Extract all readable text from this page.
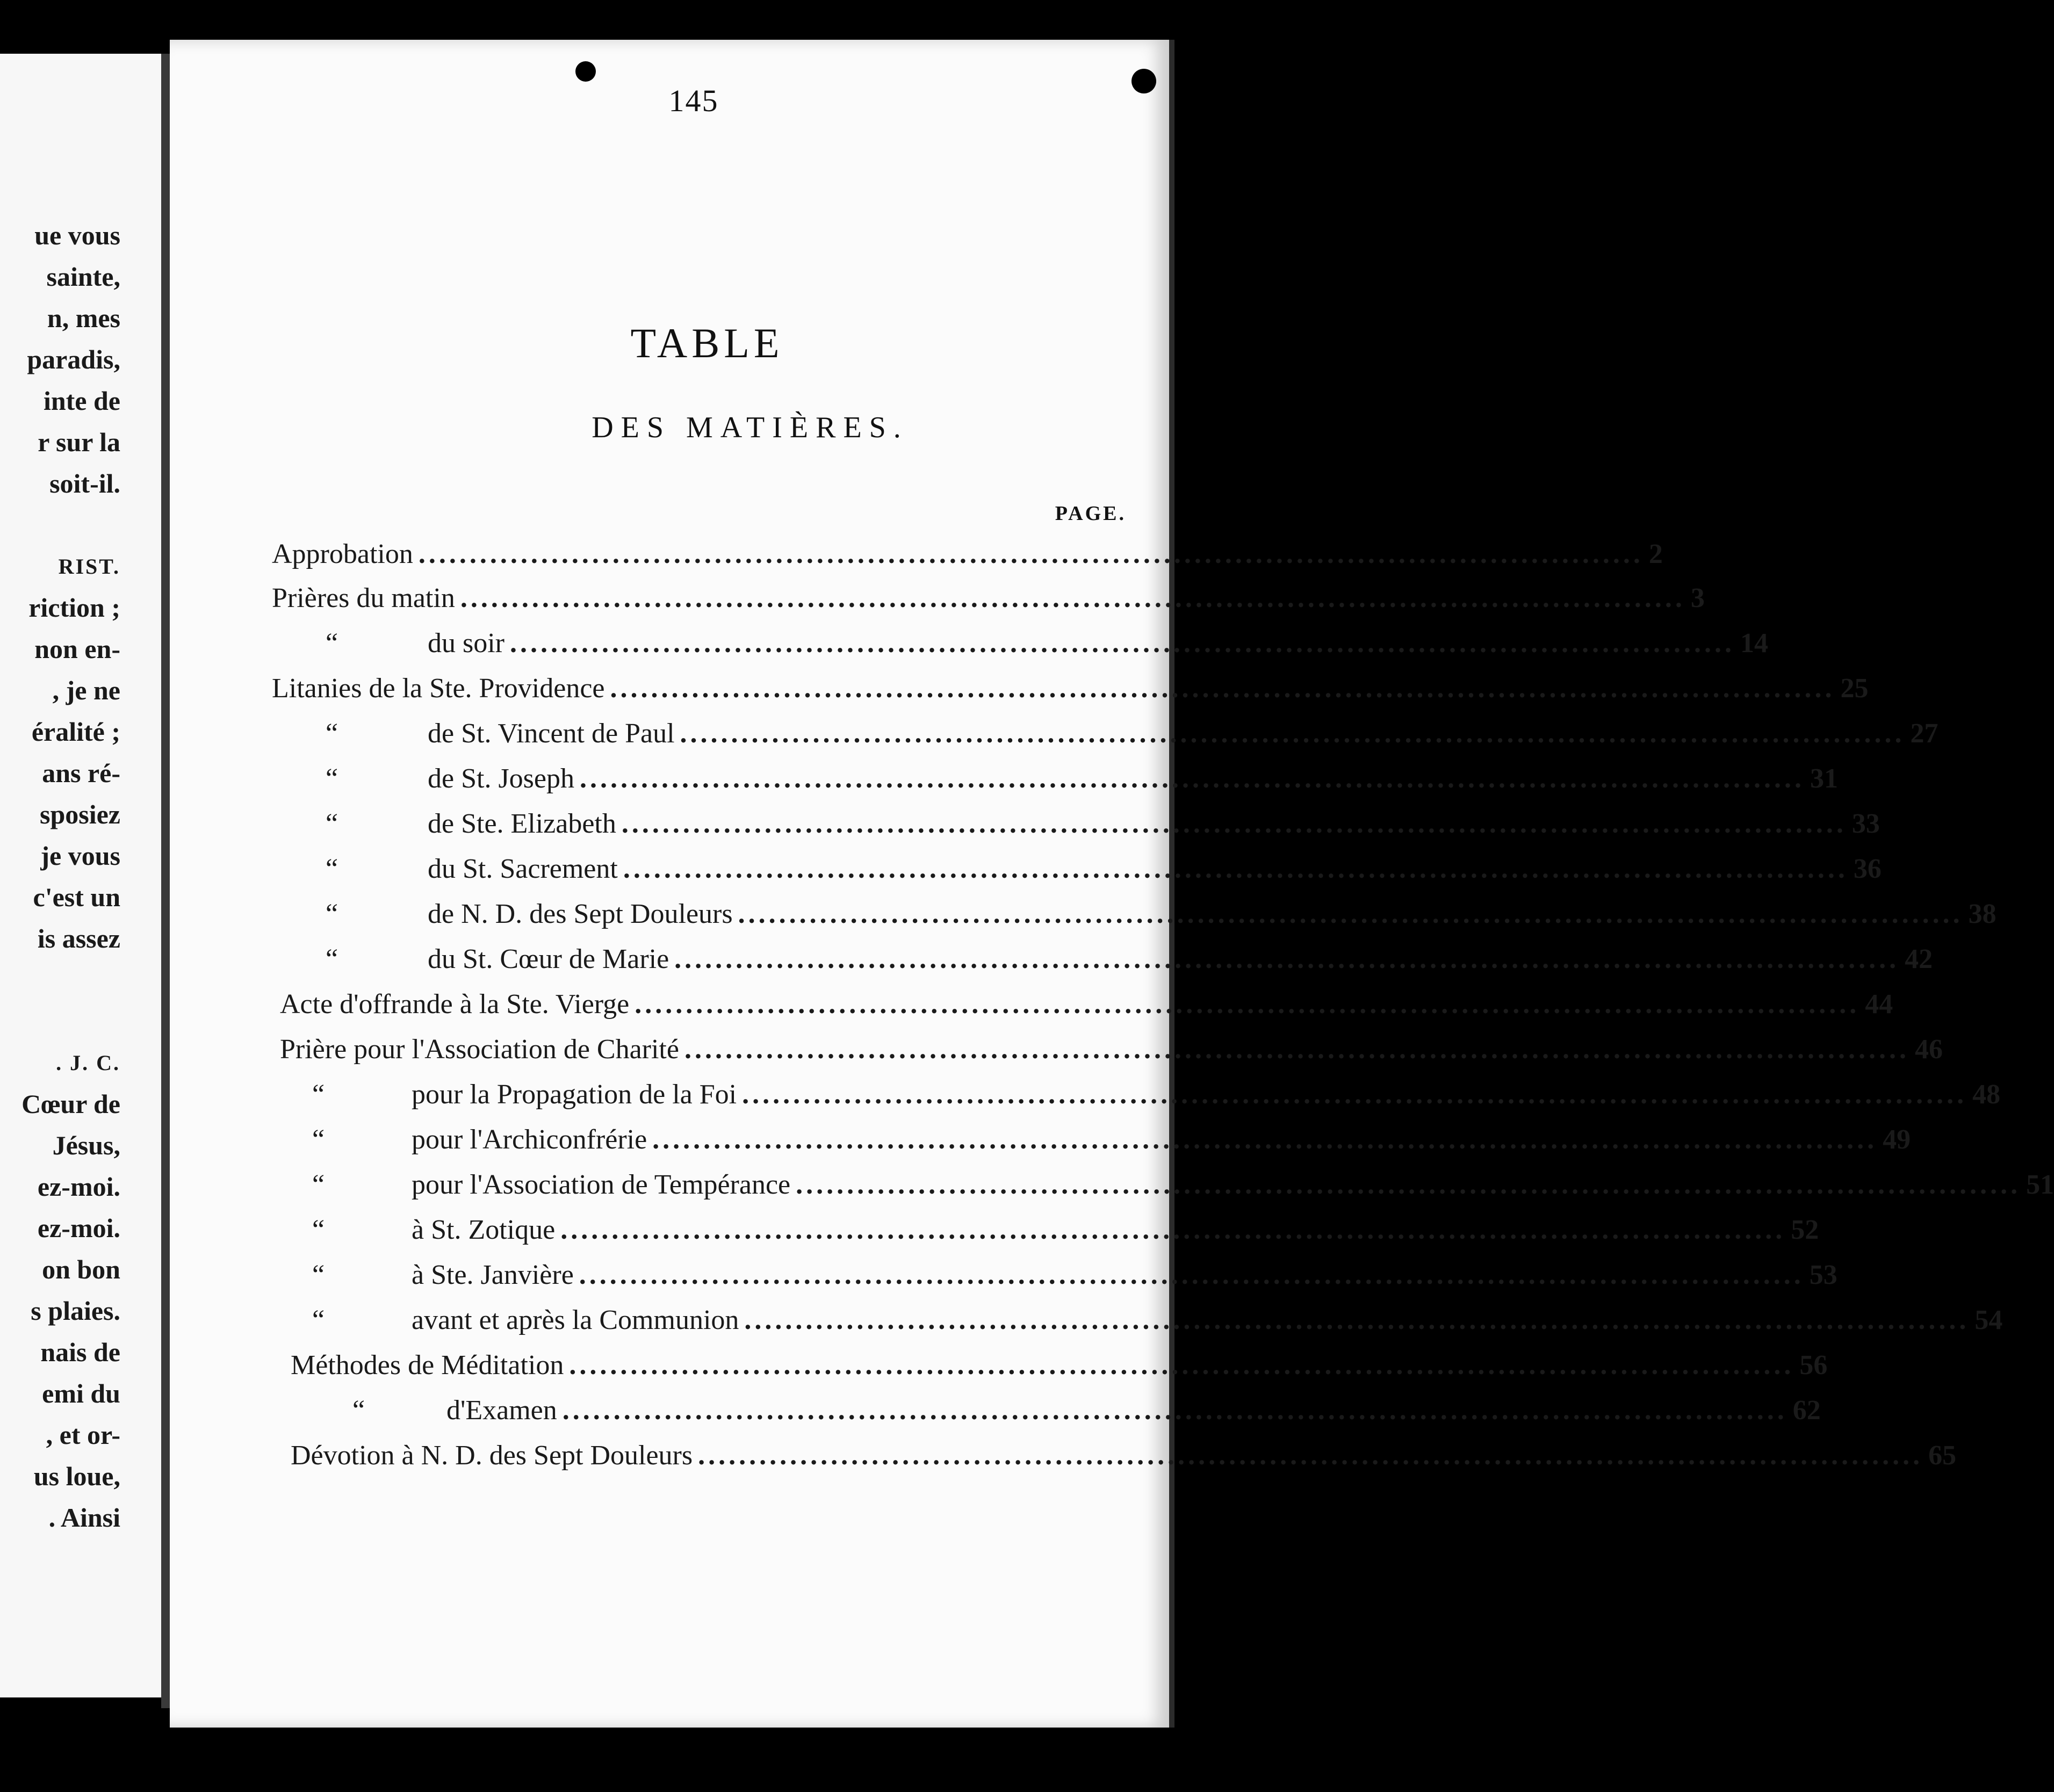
ue vous
sainte,
n, mes
paradis,
inte de
r sur la
soit-il.
RIST.
riction ;
non en-
, je ne
éralité ;
ans ré-
sposiez
je vous
c'est un
is assez
. J. C.
Cœur de
Jésus,
ez-moi.
ez-moi.
on bon
s plaies.
nais de
emi du
, et or-
us loue,
. Ainsi
145
TABLE
DES MATIÈRES.
PAGE.
Approbation ........................................................................................................................ 2
Prières du matin ........................................................................................................................ 3
“	du soir ........................................................................................................................ 14
Litanies de la Ste. Providence ........................................................................................................................ 25
“	de St. Vincent de Paul ........................................................................................................................ 27
“	de St. Joseph ........................................................................................................................ 31
“	de Ste. Elizabeth ........................................................................................................................ 33
“	du St. Sacrement ........................................................................................................................ 36
“	de N. D. des Sept Douleurs ........................................................................................................................ 38
“	du St. Cœur de Marie ........................................................................................................................ 42
Acte d'offrande à la Ste. Vierge ........................................................................................................................ 44
Prière pour l'Association de Charité ........................................................................................................................ 46
“	pour la Propagation de la Foi ........................................................................................................................ 48
“	pour l'Archiconfrérie ........................................................................................................................ 49
“	pour l'Association de Tempérance ........................................................................................................................ 51
“	à St. Zotique ........................................................................................................................ 52
“	à Ste. Janvière ........................................................................................................................ 53
“	avant et après la Communion ........................................................................................................................ 54
Méthodes de Méditation ........................................................................................................................ 56
“	d'Examen ........................................................................................................................ 62
Dévotion à N. D. des Sept Douleurs ........................................................................................................................ 65
